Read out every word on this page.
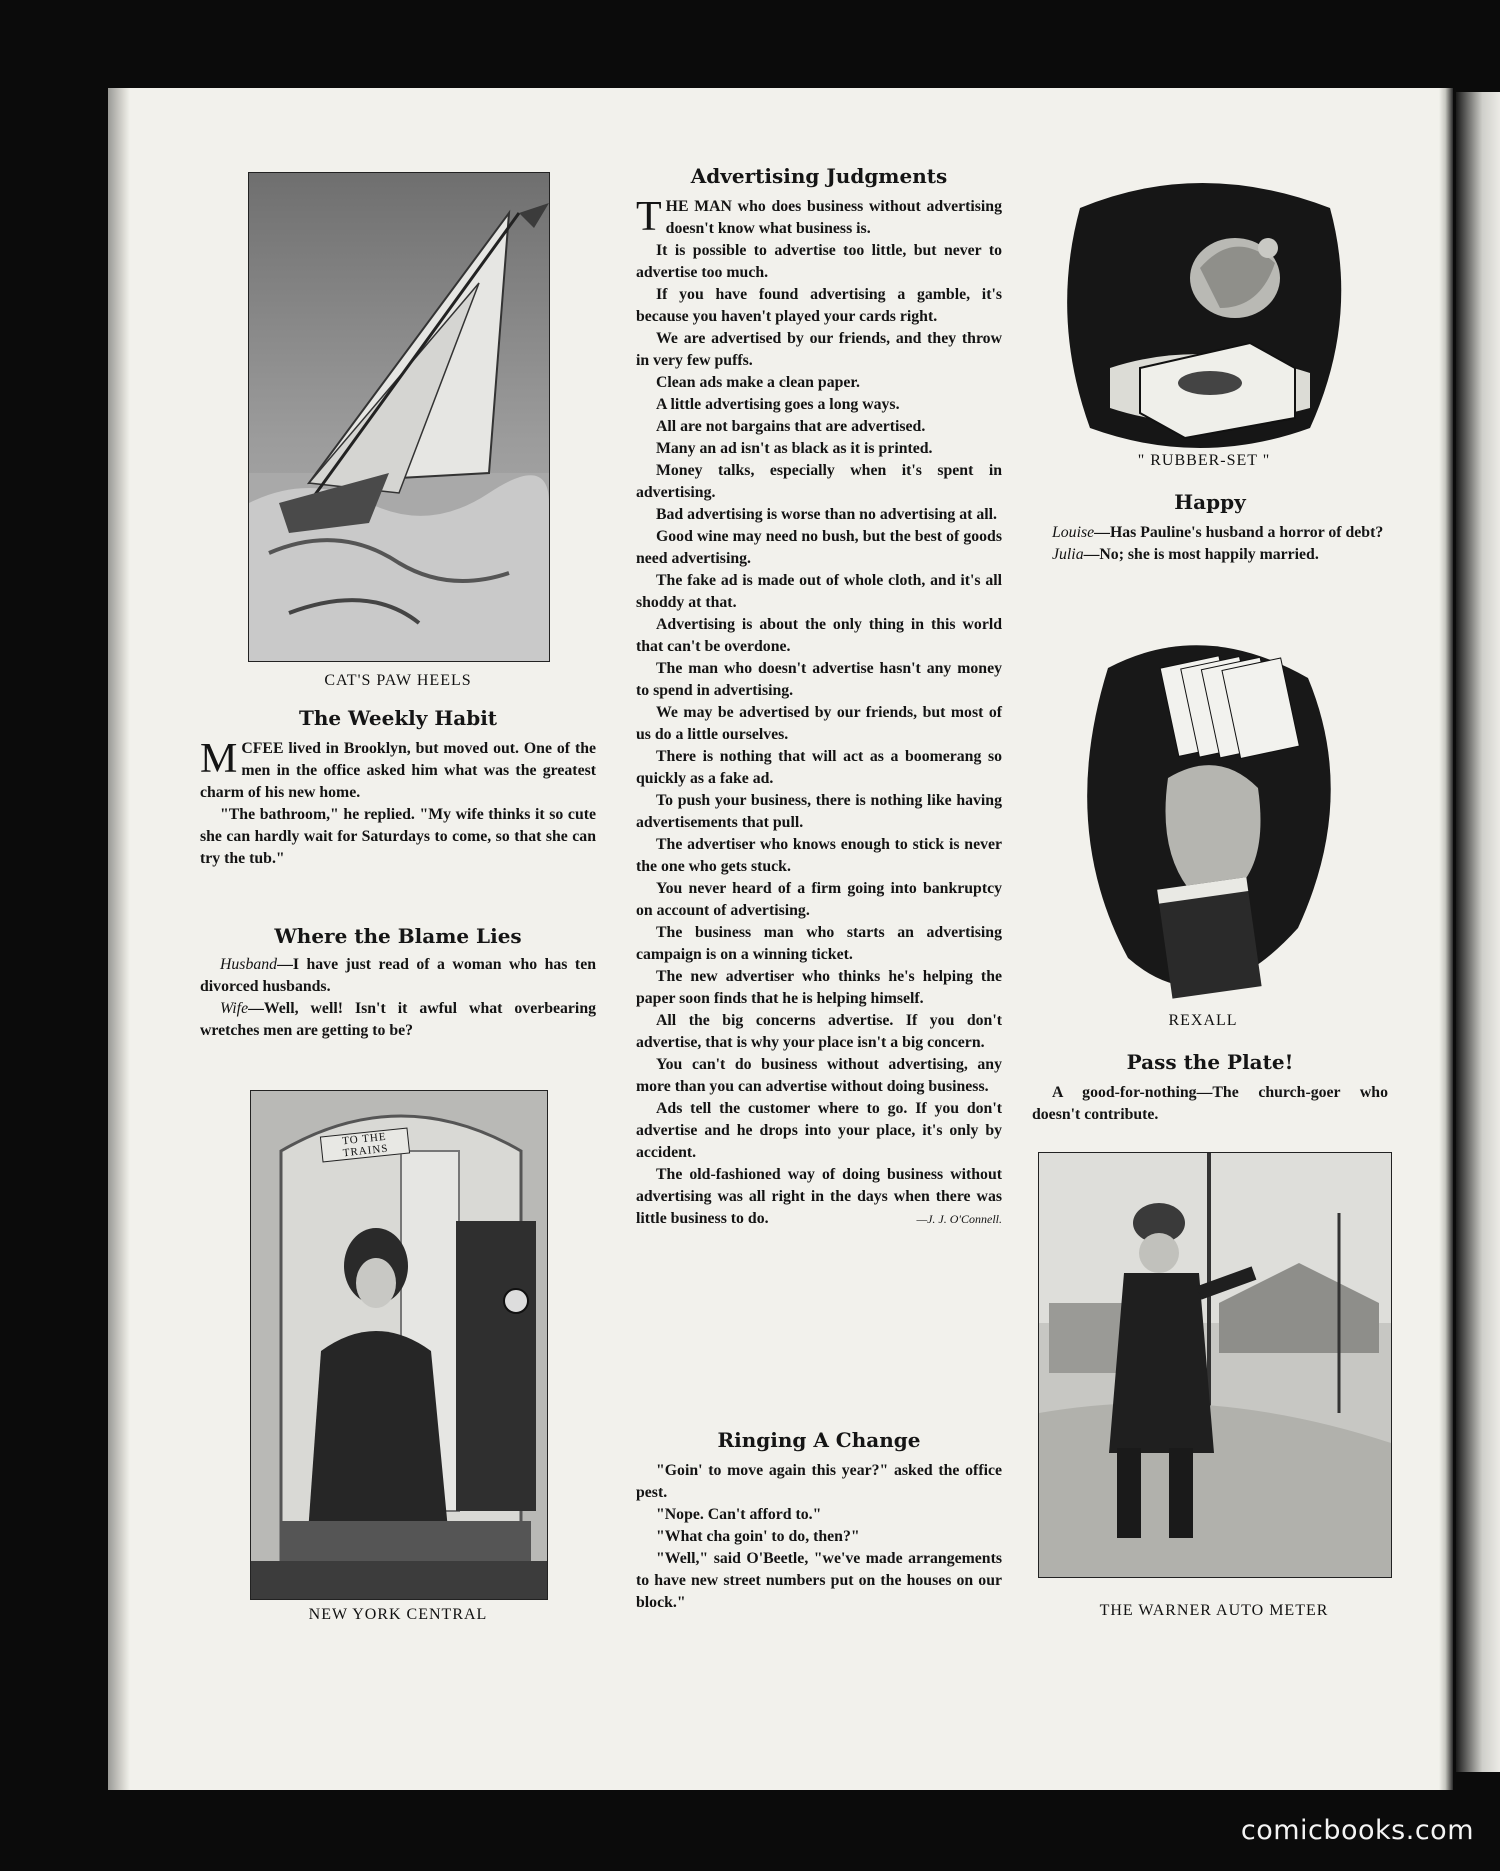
CAT'S PAW HEELS
The Weekly Habit

MCFEE lived in Brooklyn, but moved out. One of the men in the office asked him what was the greatest charm of his new home.

"The bathroom," he replied. "My wife thinks it so cute she can hardly wait for Saturdays to come, so that she can try the tub."

Where the Blame Lies

Husband—I have just read of a woman who has ten divorced husbands.

Wife—Well, well! Isn't it awful what overbearing wretches men are getting to be?

TO THE TRAINS
NEW YORK CENTRAL
Advertising Judgments

THE MAN who does business without advertising doesn't know what business is.

It is possible to advertise too little, but never to advertise too much.

If you have found advertising a gamble, it's because you haven't played your cards right.

We are advertised by our friends, and they throw in very few puffs.

Clean ads make a clean paper.

A little advertising goes a long ways.

All are not bargains that are advertised.

Many an ad isn't as black as it is printed.

Money talks, especially when it's spent in advertising.

Bad advertising is worse than no advertising at all.

Good wine may need no bush, but the best of goods need advertising.

The fake ad is made out of whole cloth, and it's all shoddy at that.

Advertising is about the only thing in this world that can't be overdone.

The man who doesn't advertise hasn't any money to spend in advertising.

We may be advertised by our friends, but most of us do a little ourselves.

There is nothing that will act as a boomerang so quickly as a fake ad.

To push your business, there is nothing like having advertisements that pull.

The advertiser who knows enough to stick is never the one who gets stuck.

You never heard of a firm going into bankruptcy on account of advertising.

The business man who starts an advertising campaign is on a winning ticket.

The new advertiser who thinks he's helping the paper soon finds that he is helping himself.

All the big concerns advertise. If you don't advertise, that is why your place isn't a big concern.

You can't do business without advertising, any more than you can advertise without doing business.

Ads tell the customer where to go. If you don't advertise and he drops into your place, it's only by accident.

The old-fashioned way of doing business without advertising was all right in the days when there was little business to do.	—J. J. O'Connell.

Ringing A Change

"Goin' to move again this year?" asked the office pest.

"Nope. Can't afford to."

"What cha goin' to do, then?"

"Well," said O'Beetle, "we've made arrangements to have new street numbers put on the houses on our block."

" RUBBER-SET "
Happy

Louise—Has Pauline's husband a horror of debt?

Julia—No; she is most happily married.

REXALL
Pass the Plate!

A good-for-nothing—The church-goer who doesn't contribute.

THE WARNER AUTO METER
comicbooks.com
